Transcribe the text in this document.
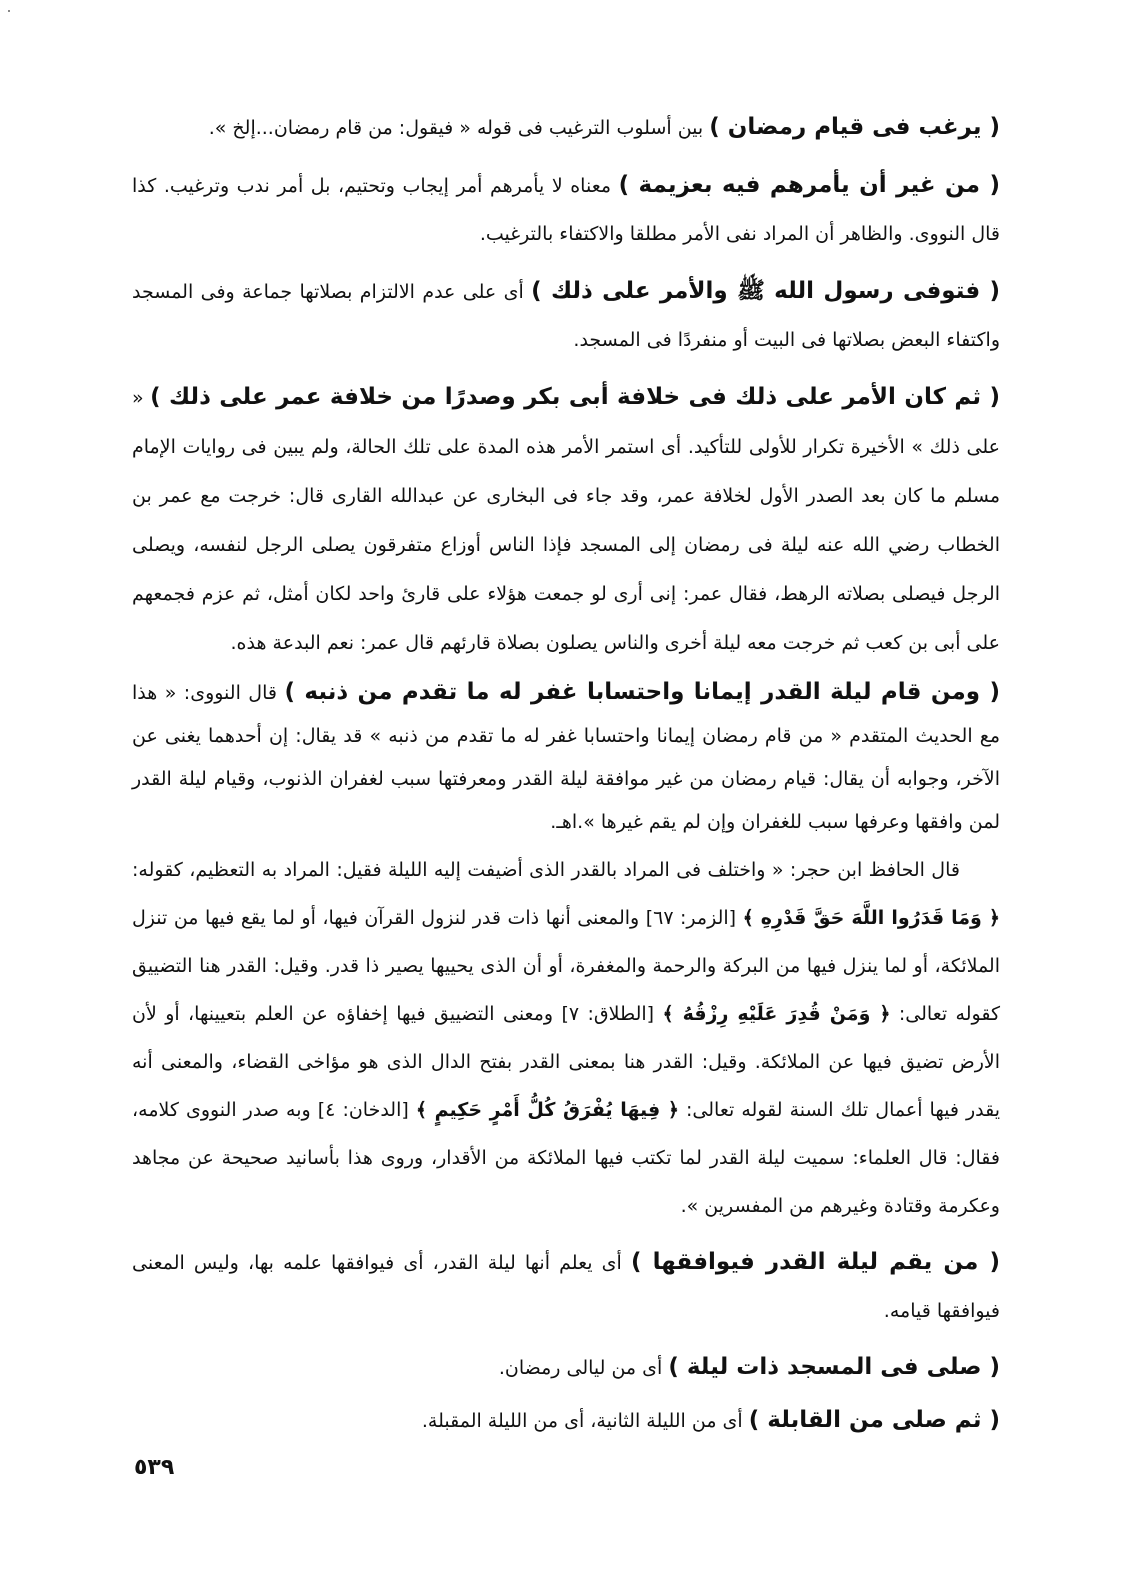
( يرغب فى قيام رمضان ) بين أسلوب الترغيب فى قوله « فيقول: من قام رمضان...إلخ ».

( من غير أن يأمرهم فيه بعزيمة ) معناه لا يأمرهم أمر إيجاب وتحتيم، بل أمر ندب وترغيب. كذا قال النووى. والظاهر أن المراد نفى الأمر مطلقا والاكتفاء بالترغيب.

( فتوفى رسول الله ﷺ والأمر على ذلك ) أى على عدم الالتزام بصلاتها جماعة وفى المسجد واكتفاء البعض بصلاتها فى البيت أو منفردًا فى المسجد.

( ثم كان الأمر على ذلك فى خلافة أبى بكر وصدرًا من خلافة عمر على ذلك ) « على ذلك » الأخيرة تكرار للأولى للتأكيد. أى استمر الأمر هذه المدة على تلك الحالة، ولم يبين فى روايات الإمام مسلم ما كان بعد الصدر الأول لخلافة عمر، وقد جاء فى البخارى عن عبدالله القارى قال: خرجت مع عمر بن الخطاب رضي الله عنه ليلة فى رمضان إلى المسجد فإذا الناس أوزاع متفرقون يصلى الرجل لنفسه، ويصلى الرجل فيصلى بصلاته الرهط، فقال عمر: إنى أرى لو جمعت هؤلاء على قارئ واحد لكان أمثل، ثم عزم فجمعهم على أبى بن كعب ثم خرجت معه ليلة أخرى والناس يصلون بصلاة قارئهم قال عمر: نعم البدعة هذه.

( ومن قام ليلة القدر إيمانا واحتسابا غفر له ما تقدم من ذنبه ) قال النووى: « هذا مع الحديث المتقدم « من قام رمضان إيمانا واحتسابا غفر له ما تقدم من ذنبه » قد يقال: إن أحدهما يغنى عن الآخر، وجوابه أن يقال: قيام رمضان من غير موافقة ليلة القدر ومعرفتها سبب لغفران الذنوب، وقيام ليلة القدر لمن وافقها وعرفها سبب للغفران وإن لم يقم غيرها ».اهـ.

قال الحافظ ابن حجر: « واختلف فى المراد بالقدر الذى أضيفت إليه الليلة فقيل: المراد به التعظيم، كقوله: ﴿ وَمَا قَدَرُوا اللَّهَ حَقَّ قَدْرِهِ ﴾ [الزمر: ٦٧] والمعنى أنها ذات قدر لنزول القرآن فيها، أو لما يقع فيها من تنزل الملائكة، أو لما ينزل فيها من البركة والرحمة والمغفرة، أو أن الذى يحييها يصير ذا قدر. وقيل: القدر هنا التضييق كقوله تعالى: ﴿ وَمَنْ قُدِرَ عَلَيْهِ رِزْقُهُ ﴾ [الطلاق: ٧] ومعنى التضييق فيها إخفاؤه عن العلم بتعيينها، أو لأن الأرض تضيق فيها عن الملائكة. وقيل: القدر هنا بمعنى القدر بفتح الدال الذى هو مؤاخى القضاء، والمعنى أنه يقدر فيها أعمال تلك السنة لقوله تعالى: ﴿ فِيهَا يُفْرَقُ كُلُّ أَمْرٍ حَكِيمٍ ﴾ [الدخان: ٤] وبه صدر النووى كلامه، فقال: قال العلماء: سميت ليلة القدر لما تكتب فيها الملائكة من الأقدار، وروى هذا بأسانيد صحيحة عن مجاهد وعكرمة وقتادة وغيرهم من المفسرين ».

( من يقم ليلة القدر فيوافقها ) أى يعلم أنها ليلة القدر، أى فيوافقها علمه بها، وليس المعنى فيوافقها قيامه.

( صلى فى المسجد ذات ليلة ) أى من ليالى رمضان.

( ثم صلى من القابلة ) أى من الليلة الثانية، أى من الليلة المقبلة.

٥٣٩
